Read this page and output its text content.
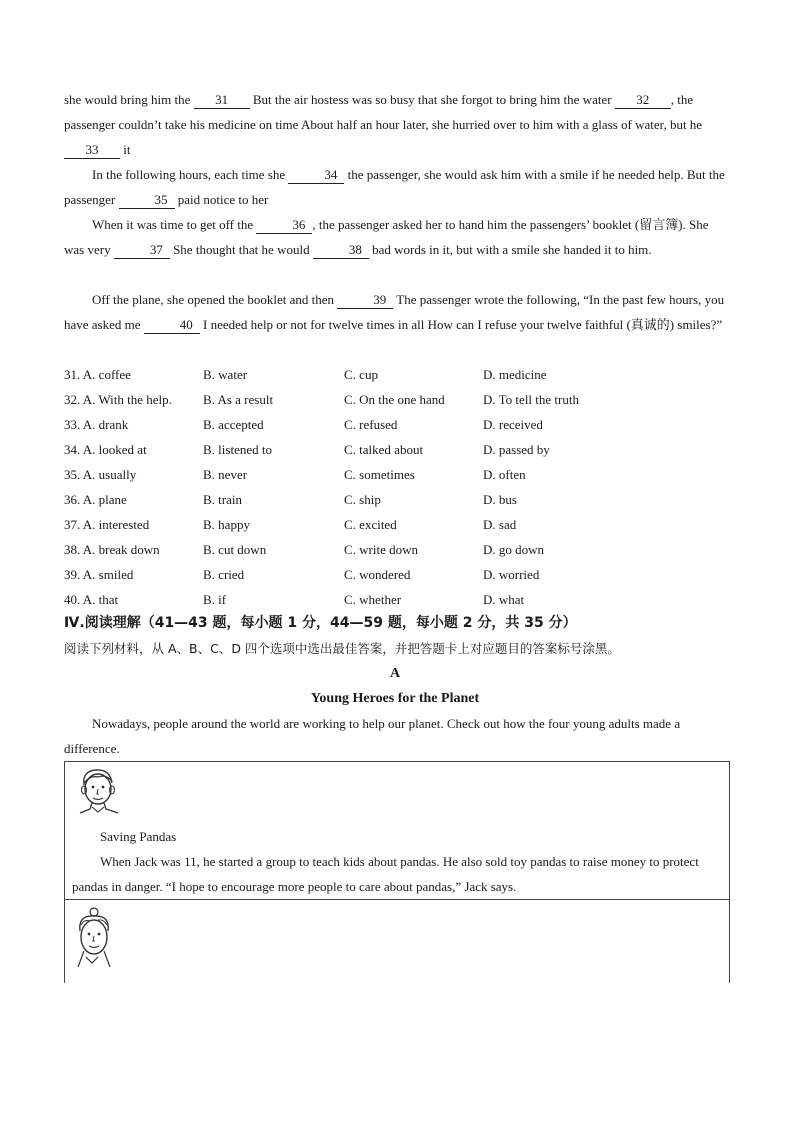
she would bring him the 31 But the air hostess was so busy that she forgot to bring him the water 32 , the passenger couldn’t take his medicine on time About half an hour later, she hurried over to him with a glass of water, but he 33 it
In the following hours, each time she	34 the passenger, she would ask him with a smile if he needed help. But the passenger	35 paid notice to her
When it was time to get off the	36 , the passenger asked her to hand him the passengers’ booklet (留言簿). She was very	37 She thought that he would	38 bad words in it, but with a smile she handed it to him.
Off the plane, she opened the booklet and then	39 The passenger wrote the following, “In the past few hours, you have asked me	40 I needed help or not for twelve times in all How can I refuse your twelve faithful (真诚的) smiles?”
31. A. coffee	B. water	C. cup	D. medicine
32. A. With the help. B. As a result	C. On the one hand	D. To tell the truth
33. A. drank	B. accepted	C. refused	D. received
34. A. looked at	B. listened to	C. talked about	D. passed by
35. A. usually	B. never	C. sometimes	D. often
36. A. plane	B. train	C. ship	D. bus
37. A. interested	B. happy	C. excited	D. sad
38. A. break down	B. cut down	C. write down	D. go down
39. A. smiled	B. cried	C. wondered	D. worried
40. A. that	B. if	C. whether	D. what
Ⅳ.阅读理解（41—43 题，每小题 1 分，44—59 题，每小题 2 分，共 35 分）
阅读下列材料，从 A、B、C、D 四个选项中选出最佳答案，并把答题卡上对应题目的答案标号涂黑。
A
Young Heroes for the Planet
Nowadays, people around the world are working to help our planet. Check out how the four young adults made a difference.
Saving Pandas
When Jack was 11, he started a group to teach kids about pandas. He also sold toy pandas to raise money to protect pandas in danger. “I hope to encourage more people to care about pandas,” Jack says.
